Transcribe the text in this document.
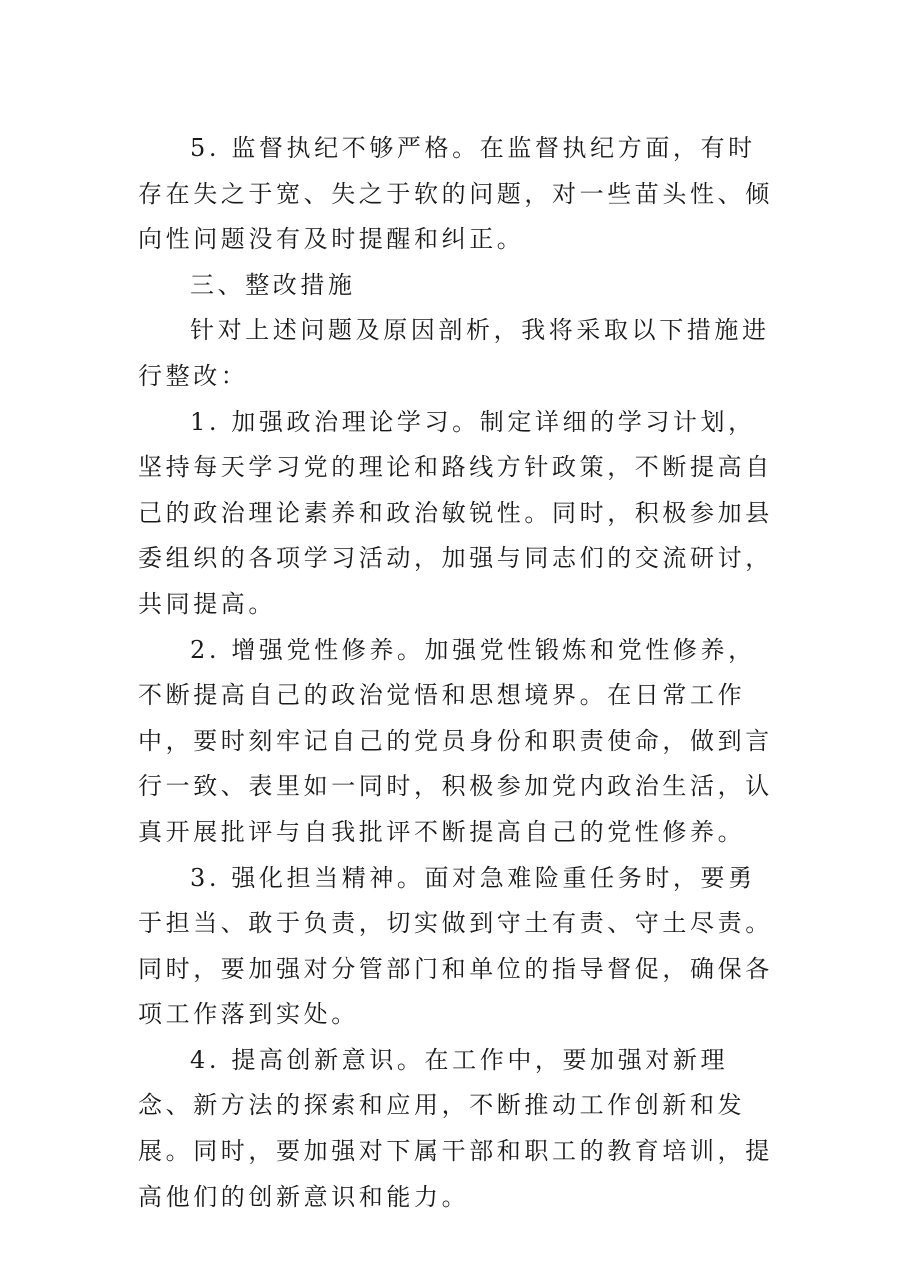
5. 监督执纪不够严格。在监督执纪方面，有时存在失之于宽、失之于软的问题，对一些苗头性、倾向性问题没有及时提醒和纠正。

三、整改措施

针对上述问题及原因剖析，我将采取以下措施进行整改：

1. 加强政治理论学习。制定详细的学习计划，坚持每天学习党的理论和路线方针政策，不断提高自己的政治理论素养和政治敏锐性。同时，积极参加县委组织的各项学习活动，加强与同志们的交流研讨，共同提高。

2. 增强党性修养。加强党性锻炼和党性修养，不断提高自己的政治觉悟和思想境界。在日常工作中，要时刻牢记自己的党员身份和职责使命，做到言行一致、表里如一同时，积极参加党内政治生活，认真开展批评与自我批评不断提高自己的党性修养。

3. 强化担当精神。面对急难险重任务时，要勇于担当、敢于负责，切实做到守土有责、守土尽责。同时，要加强对分管部门和单位的指导督促，确保各项工作落到实处。

4. 提高创新意识。在工作中，要加强对新理念、新方法的探索和应用，不断推动工作创新和发展。同时，要加强对下属干部和职工的教育培训，提高他们的创新意识和能力。
